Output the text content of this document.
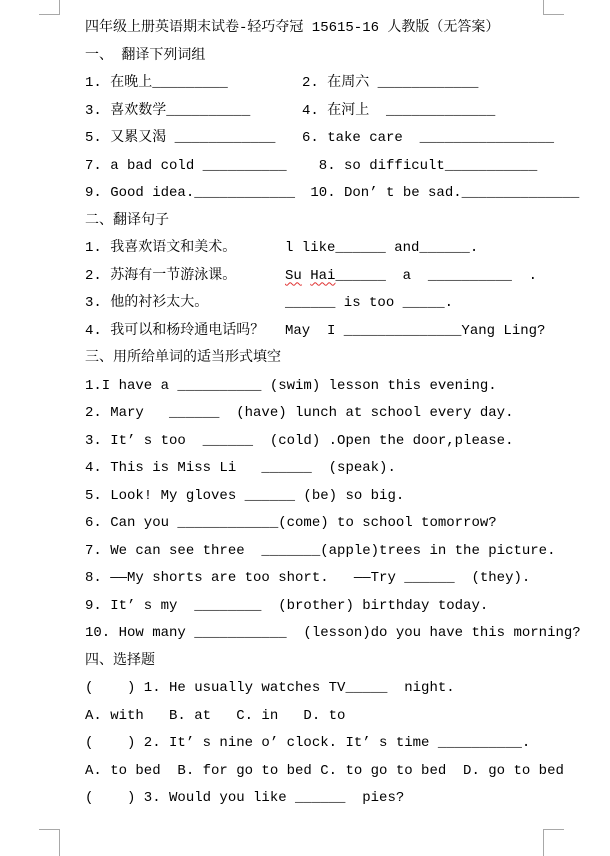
四年级上册英语期末试卷-轻巧夺冠 15615-16 人教版（无答案）
一、 翻译下列词组
1. 在晚上_________	2. 在周六 ____________
3. 喜欢数学__________	4. 在河上  _____________
5. 又累又渴 ____________	6. take care  ________________
7. a bad cold __________	8. so difficult___________
9. Good idea.____________ 10. Don’ t be sad.______________
二、翻译句子
1. 我喜欢语文和美术。	l like______ and______.
2. 苏海有一节游泳课。	Su Hai______  a  __________  .
3. 他的衬衫太大。	______ is too _____.
4. 我可以和杨玲通电话吗？	May  I ______________Yang Ling?
三、用所给单词的适当形式填空
1.I have a __________ (swim) lesson this evening.
2. Mary   ______  (have) lunch at school every day.
3. It’ s too  ______  (cold) .Open the door,please.
4. This is Miss Li   ______  (speak).
5. Look! My gloves ______ (be) so big.
6. Can you ____________(come) to school tomorrow?
7. We can see three  _______(apple)trees in the picture.
8. ——My shorts are too short.   ——Try ______  (they).
9. It’ s my  ________  (brother) birthday today.
10. How many ___________  (lesson)do you have this morning?
四、选择题
(    ) 1. He usually watches TV_____  night.
A. with   B. at   C. in   D. to
(    ) 2. It’ s nine o’ clock. It’ s time __________.
A. to bed  B. for go to bed C. to go to bed  D. go to bed
(    ) 3. Would you like ______  pies?
